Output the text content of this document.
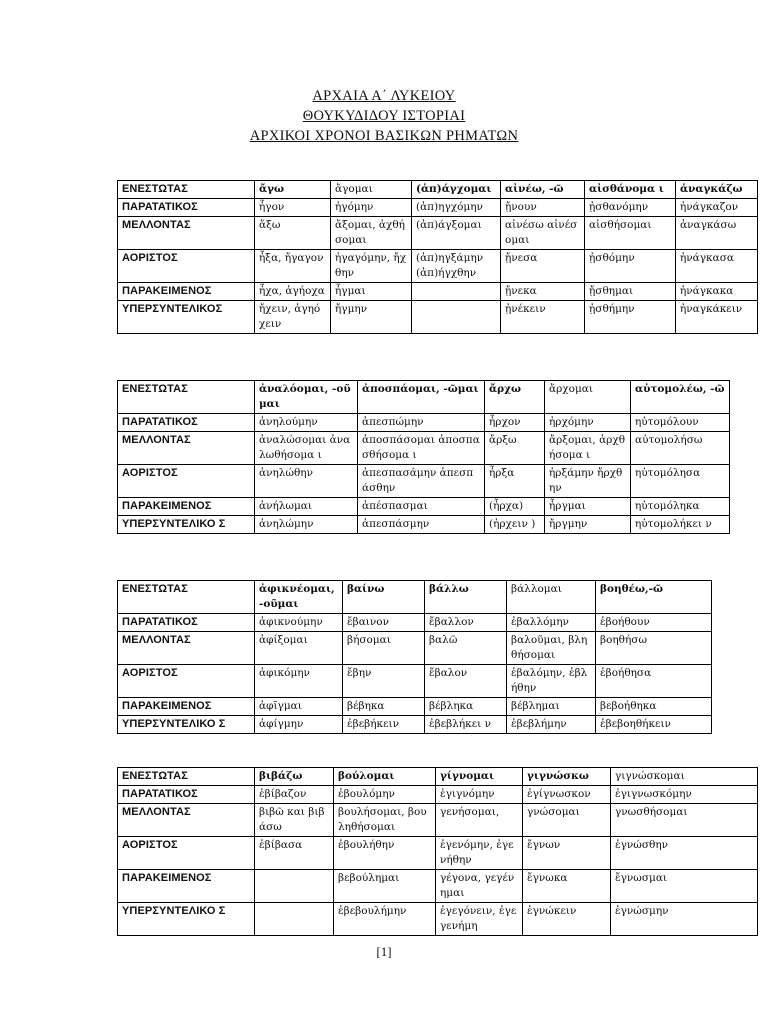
ΑΡΧΑΙΑ Α΄ ΛΥΚΕΙΟΥ
ΘΟΥΚΥΔΙΔΟΥ ΙΣΤΟΡΙΑΙ
ΑΡΧΙΚΟΙ ΧΡΟΝΟΙ ΒΑΣΙΚΩΝ ΡΗΜΑΤΩΝ
ΕΝΕΣΤΩΤΑΣ	ἄγω	ἄγομαι	(ἀπ)άγχομαι	αἰνέω, -ῶ	αἰσθάνομα ι	ἀναγκάζω
ΠΑΡΑΤΑΤΙΚΟΣ	ἦγον	ἠγόμην	(ἀπ)ηγχόμην	ᾔνουν	ᾐσθανόμην	ἠνάγκαζον
ΜΕΛΛΟΝΤΑΣ	ἄξω	ἄξομαι, ἀχθήσομαι	(ἀπ)άγξομαι	αἰνέσω αἰνέσομαι	αἰσθήσομαι	ἀναγκάσω
ΑΟΡΙΣΤΟΣ	ἦξα, ἤγαγον	ἠγαγόμην, ἤχθην	(ἀπ)ηγξάμην (ἀπ)ήγχθην	ᾔνεσα	ᾐσθόμην	ἠνάγκασα
ΠΑΡΑΚΕΙΜΕΝΟΣ	ἦχα, ἀγήοχα	ἦγμαι		ᾔνεκα	ᾔσθημαι	ἠνάγκακα
ΥΠΕΡΣΥΝΤΕΛΙΚΟΣ	ἤχειν, ἀγηόχειν	ἤγμην		ᾐνέκειν	ᾐσθήμην	ἠναγκάκειν
ΕΝΕΣΤΩΤΑΣ	ἀναλόομαι, -οῦμαι	ἀποσπάομαι, -ῶμαι	ἄρχω	ἄρχομαι	αὐτομολέω, -ῶ
ΠΑΡΑΤΑΤΙΚΟΣ	ἀνηλούμην	ἀπεσπώμην	ἦρχον	ἠρχόμην	ηὐτομόλουν
ΜΕΛΛΟΝΤΑΣ	ἀναλώσομαι ἀναλωθήσομα ι	ἀποσπάσομαι ἀποσπασθήσομα ι	ἄρξω	ἄρξομαι, ἀρχθήσομα ι	αὐτομολήσω
ΑΟΡΙΣΤΟΣ	ἀνηλώθην	ἀπεσπασάμην ἀπεσπάσθην	ἦρξα	ἠρξάμην ἤρχθην	ηὐτομόλησα
ΠΑΡΑΚΕΙΜΕΝΟΣ	ἀνήλωμαι	ἀπέσπασμαι	(ἦρχα)	ἦργμαι	ηὐτομόληκα
ΥΠΕΡΣΥΝΤΕΛΙΚΟ Σ	ἀνηλώμην	ἀπεσπάσμην	(ἠρχειν )	ἤργμην	ηὐτομολήκει ν
ΕΝΕΣΤΩΤΑΣ	ἀφικνέομαι, -οῦμαι	βαίνω	βάλλω	βάλλομαι	βοηθέω,-ῶ
ΠΑΡΑΤΑΤΙΚΟΣ	ἀφικνούμην	ἔβαινον	ἔβαλλον	ἐβαλλόμην	ἐβοήθουν
ΜΕΛΛΟΝΤΑΣ	ἀφίξομαι	βήσομαι	βαλῶ	βαλοῦμαι, βληθήσομαι	βοηθήσω
ΑΟΡΙΣΤΟΣ	ἀφικόμην	ἔβην	ἔβαλον	ἐβαλόμην, ἐβλήθην	ἐβοήθησα
ΠΑΡΑΚΕΙΜΕΝΟΣ	ἀφῖγμαι	βέβηκα	βέβληκα	βέβλημαι	βεβοήθηκα
ΥΠΕΡΣΥΝΤΕΛΙΚΟ Σ	ἀφίγμην	ἐβεβήκειν	ἐβεβλήκει ν	ἐβεβλήμην	ἐβεβοηθήκειν
ΕΝΕΣΤΩΤΑΣ	βιβάζω	βούλομαι	γίγνομαι	γιγνώσκω	γιγνώσκομαι
ΠΑΡΑΤΑΤΙΚΟΣ	ἐβίβαζον	ἐβουλόμην	ἐγιγνόμην	ἐγίγνωσκον	ἐγιγνωσκόμην
ΜΕΛΛΟΝΤΑΣ	βιβῶ και βιβάσω	βουλήσομαι, βουληθήσομαι	γενήσομαι,	γνώσομαι	γνωσθήσομαι
ΑΟΡΙΣΤΟΣ	ἐβίβασα	ἐβουλήθην	ἐγενόμην, ἐγενήθην	ἔγνων	ἐγνώσθην
ΠΑΡΑΚΕΙΜΕΝΟΣ		βεβούλημαι	γέγονα, γεγένημαι	ἔγνωκα	ἔγνωσμαι
ΥΠΕΡΣΥΝΤΕΛΙΚΟ Σ		ἐβεβουλήμην	ἐγεγόνειν, ἐγεγενήμη	ἐγνώκειν	ἐγνώσμην
[1]
